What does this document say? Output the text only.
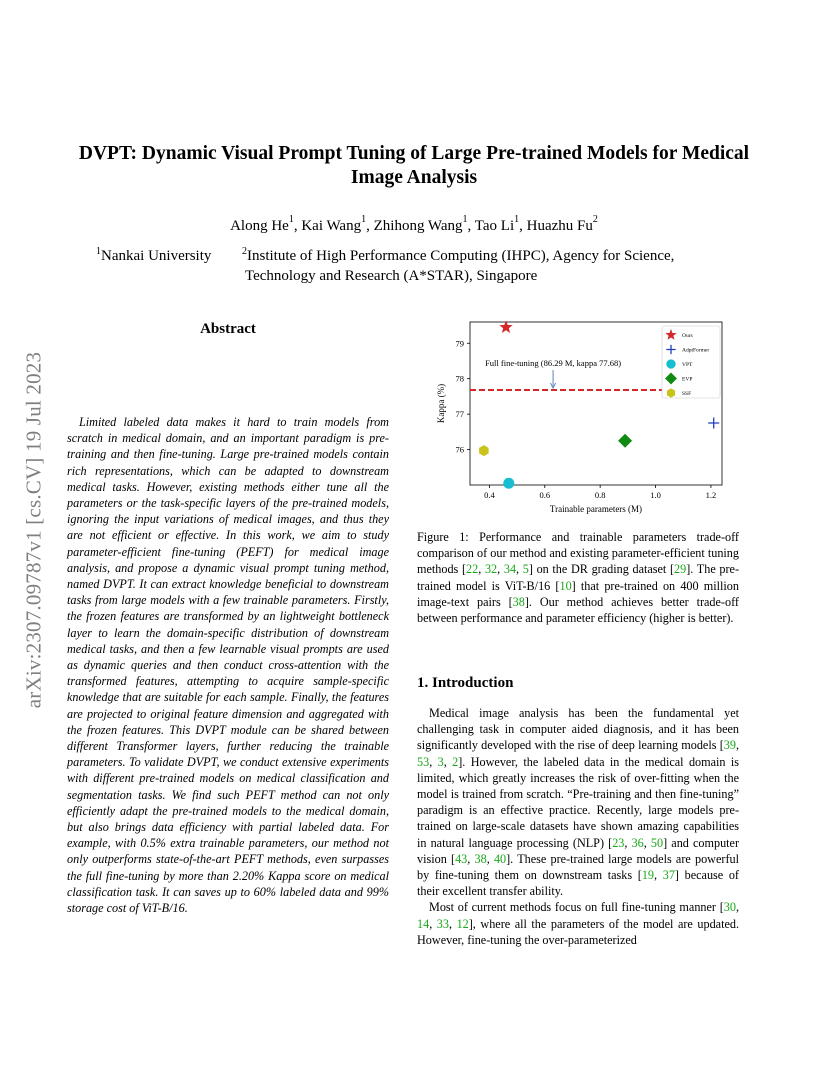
DVPT: Dynamic Visual Prompt Tuning of Large Pre-trained Models for Medical
Image Analysis
Along He$^1$, Kai Wang$^1$, Zhihong Wang$^1$, Tao Li$^1$, Huazhu Fu$^2$
$^1$Nankai University	$^2$Institute of High Performance Computing (IHPC), Agency for Science,
Technology and Research (A*STAR), Singapore
arXiv:2307.09787v1 [cs.CV] 19 Jul 2023
Abstract
Limited labeled data makes it hard to train models from scratch in medical domain, and an important paradigm is pre-training and then fine-tuning. Large pre-trained models contain rich representations, which can be adapted to downstream medical tasks. However, existing methods either tune all the parameters or the task-specific layers of the pre-trained models, ignoring the input variations of medical images, and thus they are not efficient or effective. In this work, we aim to study parameter-efficient fine-tuning (PEFT) for medical image analysis, and propose a dynamic visual prompt tuning method, named DVPT. It can extract knowledge beneficial to downstream tasks from large models with a few trainable parameters. Firstly, the frozen features are transformed by an lightweight bottleneck layer to learn the domain-specific distribution of downstream medical tasks, and then a few learnable visual prompts are used as dynamic queries and then conduct cross-attention with the transformed features, attempting to acquire sample-specific knowledge that are suitable for each sample. Finally, the features are projected to original feature dimension and aggregated with the frozen features. This DVPT module can be shared between different Transformer layers, further reducing the trainable parameters. To validate DVPT, we conduct extensive experiments with different pre-trained models on medical classification and segmentation tasks. We find such PEFT method can not only efficiently adapt the pre-trained models to the medical domain, but also brings data efficiency with partial labeled data. For example, with 0.5% extra trainable parameters, our method not only outperforms state-of-the-art PEFT methods, even surpasses the full fine-tuning by more than 2.20% Kappa score on medical classification task. It can saves up to 60% labeled data and 99% storage cost of ViT-B/16.
0.4	0.6	0.8	1.0	1.2
76
77
78
79
Trainable parameters (M)
Kappa (%)
Full fine-tuning (86.29 M, kappa 77.68)
Ours
AdptFormer
VPT
EVP
SSF
Figure 1: Performance and trainable parameters trade-off comparison of our method and existing parameter-efficient tuning methods [22, 32, 34, 5] on the DR grading dataset [29]. The pre-trained model is ViT-B/16 [10] that pre-trained on 400 million image-text pairs [38]. Our method achieves better trade-off between performance and parameter efficiency (higher is better).
1. Introduction

Medical image analysis has been the fundamental yet challenging task in computer aided diagnosis, and it has been significantly developed with the rise of deep learning models [39, 53, 3, 2]. However, the labeled data in the medical domain is limited, which greatly increases the risk of over-fitting when the model is trained from scratch. “Pre-training and then fine-tuning” paradigm is an effective practice. Recently, large models pre-trained on large-scale datasets have shown amazing capabilities in natural language processing (NLP) [23, 36, 50] and computer vision [43, 38, 40]. These pre-trained large models are powerful by fine-tuning them on downstream tasks [19, 37] because of their excellent transfer ability.

Most of current methods focus on full fine-tuning manner [30, 14, 33, 12], where all the parameters of the model are updated. However, fine-tuning the over-parameterized
